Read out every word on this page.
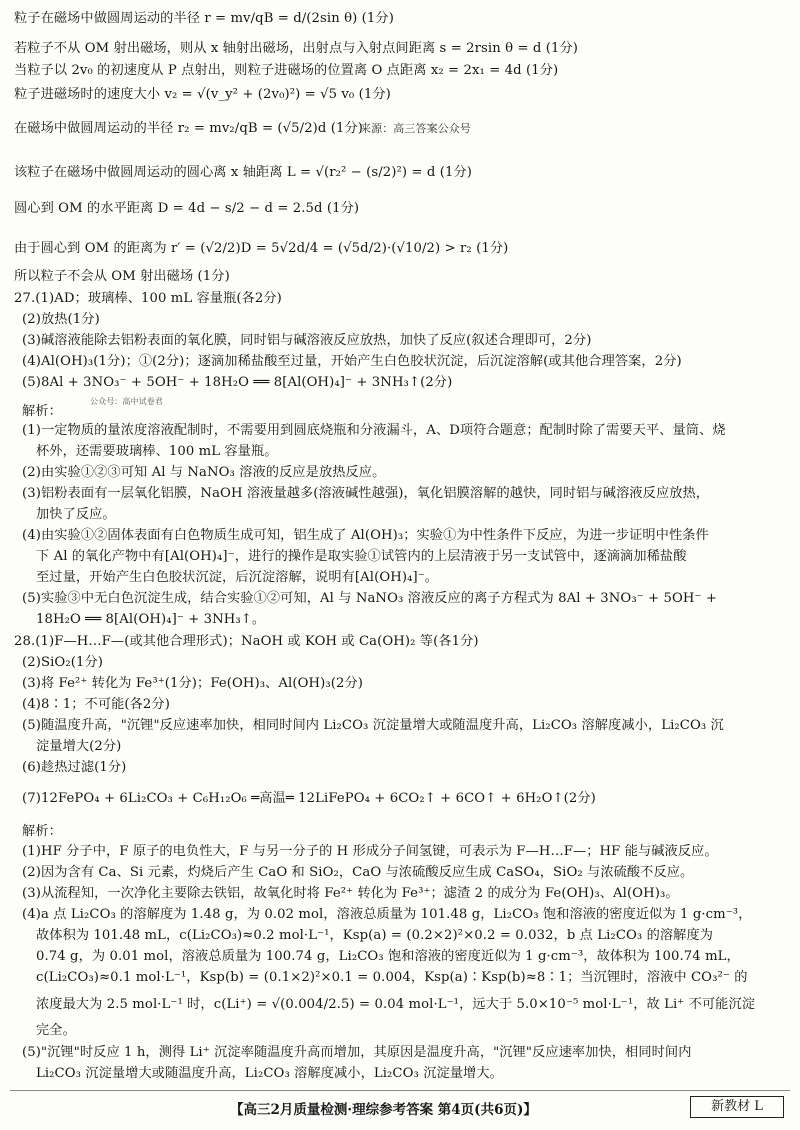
粒子在磁场中做圆周运动的半径 r = mv/qB = d/(2sin θ) (1分)
若粒子不从 OM 射出磁场，则从 x 轴射出磁场，出射点与入射点间距离 s = 2rsin θ = d (1分)
当粒子以 2v₀ 的初速度从 P 点射出，则粒子进磁场的位置离 O 点距离 x₂ = 2x₁ = 4d (1分)
粒子进磁场时的速度大小 v₂ = √(v_y² + (2v₀)²) = √5 v₀ (1分)
在磁场中做圆周运动的半径 r₂ = mv₂/qB = (√5/2)d (1分)
来源：高三答案公众号
该粒子在磁场中做圆周运动的圆心离 x 轴距离 L = √(r₂² − (s/2)²) = d (1分)
圆心到 OM 的水平距离 D = 4d − s/2 − d = 2.5d (1分)
由于圆心到 OM 的距离为 r′ = (√2/2)D = 5√2d/4 = (√5d/2)·(√10/2) > r₂ (1分)
所以粒子不会从 OM 射出磁场 (1分)
27.(1)AD；玻璃棒、100 mL 容量瓶(各2分)
(2)放热(1分)
(3)碱溶液能除去铝粉表面的氧化膜，同时铝与碱溶液反应放热，加快了反应(叙述合理即可，2分)
(4)Al(OH)₃(1分)；①(2分)；逐滴加稀盐酸至过量，开始产生白色胶状沉淀，后沉淀溶解(或其他合理答案，2分)
(5)8Al + 3NO₃⁻ + 5OH⁻ + 18H₂O ══ 8[Al(OH)₄]⁻ + 3NH₃↑(2分)
公众号：高中试卷君
解析：
(1)一定物质的量浓度溶液配制时，不需要用到圆底烧瓶和分液漏斗，A、D项符合题意；配制时除了需要天平、量筒、烧
杯外，还需要玻璃棒、100 mL 容量瓶。
(2)由实验①②③可知 Al 与 NaNO₃ 溶液的反应是放热反应。
(3)铝粉表面有一层氧化铝膜，NaOH 溶液量越多(溶液碱性越强)，氧化铝膜溶解的越快，同时铝与碱溶液反应放热，
加快了反应。
(4)由实验①②固体表面有白色物质生成可知，铝生成了 Al(OH)₃；实验①为中性条件下反应，为进一步证明中性条件
下 Al 的氧化产物中有[Al(OH)₄]⁻，进行的操作是取实验①试管内的上层清液于另一支试管中，逐滴滴加稀盐酸
至过量，开始产生白色胶状沉淀，后沉淀溶解，说明有[Al(OH)₄]⁻。
(5)实验③中无白色沉淀生成，结合实验①②可知，Al 与 NaNO₃ 溶液反应的离子方程式为 8Al + 3NO₃⁻ + 5OH⁻ +
18H₂O ══ 8[Al(OH)₄]⁻ + 3NH₃↑。
28.(1)F—H…F—(或其他合理形式)；NaOH 或 KOH 或 Ca(OH)₂ 等(各1分)
(2)SiO₂(1分)
(3)将 Fe²⁺ 转化为 Fe³⁺(1分)；Fe(OH)₃、Al(OH)₃(2分)
(4)8∶1；不可能(各2分)
(5)随温度升高，"沉锂"反应速率加快，相同时间内 Li₂CO₃ 沉淀量增大或随温度升高，Li₂CO₃ 溶解度减小，Li₂CO₃ 沉
淀量增大(2分)
(6)趁热过滤(1分)
(7)12FePO₄ + 6Li₂CO₃ + C₆H₁₂O₆ ═高温═ 12LiFePO₄ + 6CO₂↑ + 6CO↑ + 6H₂O↑(2分)
解析：
(1)HF 分子中，F 原子的电负性大，F 与另一分子的 H 形成分子间氢键，可表示为 F—H…F—；HF 能与碱液反应。
(2)因为含有 Ca、Si 元素，灼烧后产生 CaO 和 SiO₂，CaO 与浓硫酸反应生成 CaSO₄，SiO₂ 与浓硫酸不反应。
(3)从流程知，一次净化主要除去铁铝，故氧化时将 Fe²⁺ 转化为 Fe³⁺；滤渣 2 的成分为 Fe(OH)₃、Al(OH)₃。
(4)a 点 Li₂CO₃ 的溶解度为 1.48 g，为 0.02 mol，溶液总质量为 101.48 g，Li₂CO₃ 饱和溶液的密度近似为 1 g·cm⁻³，
故体积为 101.48 mL，c(Li₂CO₃)≈0.2 mol·L⁻¹，Ksp(a) = (0.2×2)²×0.2 = 0.032，b 点 Li₂CO₃ 的溶解度为
0.74 g，为 0.01 mol，溶液总质量为 100.74 g，Li₂CO₃ 饱和溶液的密度近似为 1 g·cm⁻³，故体积为 100.74 mL，
c(Li₂CO₃)≈0.1 mol·L⁻¹，Ksp(b) = (0.1×2)²×0.1 = 0.004，Ksp(a)∶Ksp(b)≈8∶1；当沉锂时，溶液中 CO₃²⁻ 的
浓度最大为 2.5 mol·L⁻¹ 时，c(Li⁺) = √(0.004/2.5) = 0.04 mol·L⁻¹，远大于 5.0×10⁻⁵ mol·L⁻¹，故 Li⁺ 不可能沉淀
完全。
(5)"沉锂"时反应 1 h，测得 Li⁺ 沉淀率随温度升高而增加，其原因是温度升高，"沉锂"反应速率加快，相同时间内
Li₂CO₃ 沉淀量增大或随温度升高，Li₂CO₃ 溶解度减小，Li₂CO₃ 沉淀量增大。
【高三2月质量检测·理综参考答案 第4页(共6页)】	新教材 L
